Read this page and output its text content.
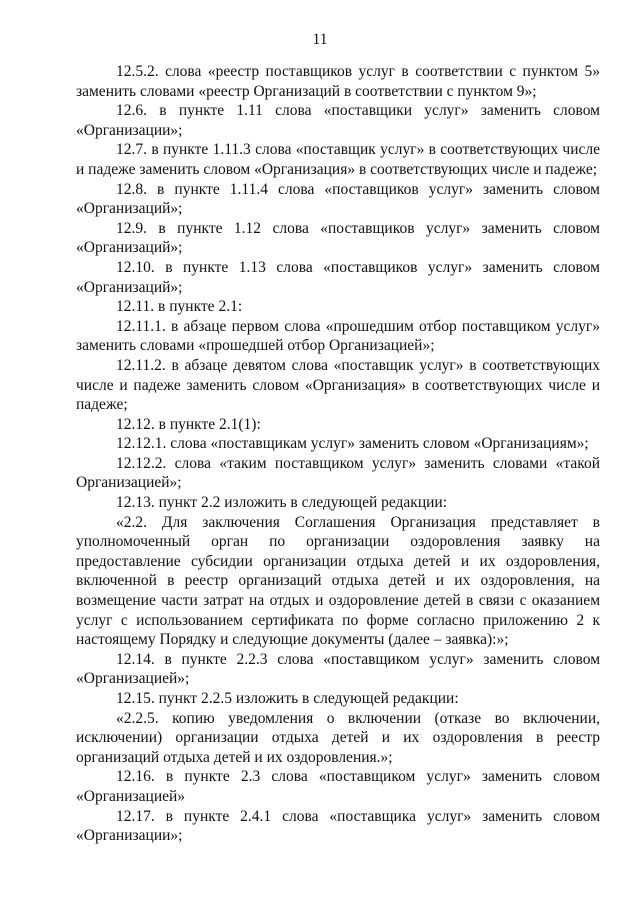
11

12.5.2. слова «реестр поставщиков услуг в соответствии с пунктом 5» заменить словами «реестр Организаций в соответствии с пунктом 9»;

12.6. в пункте 1.11 слова «поставщики услуг» заменить словом «Организации»;

12.7. в пункте 1.11.3 слова «поставщик услуг» в соответствующих числе и падеже заменить словом «Организация» в соответствующих числе и падеже;

12.8. в пункте 1.11.4 слова «поставщиков услуг» заменить словом «Организаций»;

12.9. в пункте 1.12 слова «поставщиков услуг» заменить словом «Организаций»;

12.10. в пункте 1.13 слова «поставщиков услуг» заменить словом «Организаций»;

12.11. в пункте 2.1:

12.11.1. в абзаце первом слова «прошедшим отбор поставщиком услуг» заменить словами «прошедшей отбор Организацией»;

12.11.2. в абзаце девятом слова «поставщик услуг» в соответствующих числе и падеже заменить словом «Организация» в соответствующих числе и падеже;

12.12. в пункте 2.1(1):

12.12.1. слова «поставщикам услуг» заменить словом «Организациям»;

12.12.2. слова «таким поставщиком услуг» заменить словами «такой Организацией»;

12.13. пункт 2.2 изложить в следующей редакции:

«2.2. Для заключения Соглашения Организация представляет в уполномоченный орган по организации оздоровления заявку на предоставление субсидии организации отдыха детей и их оздоровления, включенной в реестр организаций отдыха детей и их оздоровления, на возмещение части затрат на отдых и оздоровление детей в связи с оказанием услуг с использованием сертификата по форме согласно приложению 2 к настоящему Порядку и следующие документы (далее – заявка):»;

12.14. в пункте 2.2.3 слова «поставщиком услуг» заменить словом «Организацией»;

12.15. пункт 2.2.5 изложить в следующей редакции:

«2.2.5. копию уведомления о включении (отказе во включении, исключении) организации отдыха детей и их оздоровления в реестр организаций отдыха детей и их оздоровления.»;

12.16. в пункте 2.3 слова «поставщиком услуг» заменить словом «Организацией»

12.17. в пункте 2.4.1 слова «поставщика услуг» заменить словом «Организации»;
